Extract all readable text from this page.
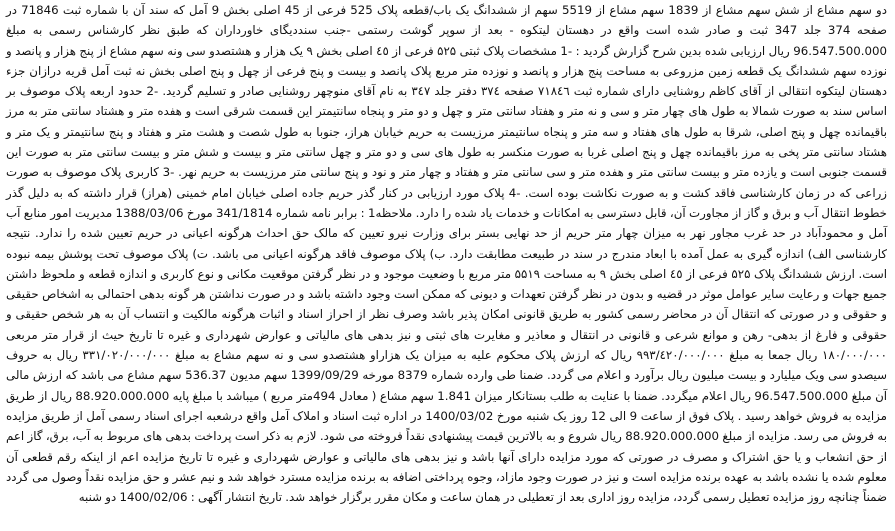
دو سهم مشاع از شش سهم مشاع از 1839 سهم مشاع از 5519 سهم از ششدانگ یک باب/قطعه پلاک 525 فرعی از 45 اصلی بخش 9 آمل که سند آن با شماره ثبت 71846 در صفحه 374 جلد 347 ثبت و صادر شده است واقع در دهستان لیتکوه - بعد از سوپر گوشت رستمی -جنب سنددیگای خاورداران که طبق نظر کارشناس رسمی به مبلغ 96.547.500.000 ریال ارزیابی شده بدین شرح گزارش گردید : -1 مشخصات پلاک ثبتی ۵۲۵ فرعی از ٤٥ اصلی بخش ۹ یک هزار و هشتصدو سی ونه سهم مشاع از پنج هزار و پانصد و نوزده سهم ششدانگ یک قطعه زمین مزروعی به مساحت پنج هزار و پانصد و نوزده متر مربع پلاک پانصد و بیست و پنج فرعی از چهل و پنج اصلی بخش نه ثبت آمل قریه درازان جزء دهستان لیتکوه انتقالی از آقای کاظم روشنایی دارای شماره ثبت ۷۱۸٤٦ صفحه ۳۷٤ دفتر جلد ۳٤۷ به نام آقای منوچهر روشنایی صادر و تسلیم گردید. -2 حدود اربعه پلاک موصوف بر اساس سند به صورت شمالا به طول های چهار متر و سی و نه متر و هفتاد سانتی متر و چهل و دو متر و پنجاه سانتیمتر این قسمت شرقی است و هفده متر و هشتاد سانتی متر به مرز باقیمانده چهل و پنج اصلی، شرقا به طول های هفتاد و سه متر و پنجاه سانتیمتر مرزیست به حریم خیابان هراز، جنوبا به طول شصت و هشت متر و هفتاد و پنج سانتیمتر و یک متر و هشتاد سانتی متر پخی به مرز باقیمانده چهل و پنج اصلی غربا به صورت منکسر به طول های سی و دو متر و چهل سانتی متر و بیست و شش متر و بیست سانتی متر به صورت این قسمت جنوبی است و یازده متر و بیست سانتی متر و هفده متر و سی سانتی متر و هفتاد و چهار متر و نود و پنج سانتی متر مرزیست به حریم نهر. -3 کاربری پلاک موصوف به صورت زراعی که در زمان کارشناسی فاقد کشت و به صورت نکاشت بوده است. -4 پلاک مورد ارزیابی در کنار گذر حریم جاده اصلی خیابان امام خمینی (هراز) قرار داشته که به دلیل گذر خطوط انتقال آب و برق و گاز از مجاورت آن، قابل دسترسی به امکانات و خدمات یاد شده را دارد. ملاحظه1 : برابر نامه شماره 341/1814 مورخ 1388/03/06 مدیریت امور منابع آب آمل و محمودآباد در حد غرب مجاور نهر به میزان چهار متر حریم از حد نهایی بستر برای وزارت نیرو تعیین که مالک حق احداث هرگونه اعیانی در حریم تعیین شده را ندارد. نتیجه کارشناسی الف) اندازه گیری به عمل آمده با ابعاد مندرج در سند در طبیعت مطابقت دارد. ب) پلاک موصوف فاقد هرگونه اعیانی می باشد. ت) پلاک موصوف تحت پوشش بیمه نبوده است. ارزش ششدانگ پلاک ۵۲۵ فرعی از ٤٥ اصلی بخش ۹ به مساحت ۵۵۱۹ متر مربع با وضعیت موجود و در نظر گرفتن موقعیت مکانی و نوع کاربری و اندازه قطعه و ملحوظ داشتن جمیع جهات و رعایت سایر عوامل موثر در قضیه و بدون در نظر گرفتن تعهدات و دیونی که ممکن است وجود داشته باشد و در صورت نداشتن هر گونه بدهی احتمالی به اشخاص حقیقی و حقوقی و در صورتی که انتقال آن در محاضر رسمی کشور به طریق قانونی امکان پذیر باشد وصرف نظر از احراز اسناد و اثبات هرگونه مالکیت و انتساب آن به هر شخص حقیقی و حقوقی و فارغ از بدهی- رهن و موانع شرعی و قانونی در انتقال و معاذیر و مغایرت های ثبتی و نیز بدهی های مالیاتی و عوارض شهرداری و غیره تا تاریخ حیث از قرار متر مربعی ۱۸۰/۰۰۰/۰۰۰ ریال جمعا به مبلغ ۹۹۳/٤۲۰/۰۰۰/۰۰۰ ریال که ارزش پلاک محکوم علیه به میزان یک هزاراو هشتصدو سی و نه سهم مشاع به مبلغ ۳۳۱/۰۲۰/۰۰۰/۰۰۰ ریال به حروف سیصدو سی ویک میلیارد و بیست میلیون ریال برآورد و اعلام می گردد. ضمنا طی وارده شماره 8379 مورخه 1399/09/29 سهم مدیون 536.37 سهم مشاع می باشد که ارزش مالی آن مبلغ 96.547.500.000 ریال اعلام میگردد. ضمنا با عنایت به طلب بستانکار میزان 1.841 سهم مشاع ( معادل 494متر مربع ) میباشد با مبلغ پایه 88.920.000.000 ریال از طریق مزایده به فروش خواهد رسید . پلاک فوق از ساعت 9 الی 12 روز یک شنبه مورخ 1400/03/02 در اداره ثبت اسناد و املاک آمل واقع درشعبه اجرای اسناد رسمی آمل از طریق مزایده به فروش می رسد. مزایده از مبلغ 88.920.000.000 ریال شروع و به بالاترین قیمت پیشنهادی نقداً فروخته می شود. لازم به ذکر است پرداخت بدهی های مربوط به آب، برق، گاز اعم از حق انشعاب و یا حق اشتراک و مصرف در صورتی که مورد مزایده دارای آنها باشد و نیز بدهی های مالیاتی و عوارض شهرداری و غیره تا تاریخ مزایده اعم از اینکه رقم قطعی آن معلوم شده یا نشده باشد به عهده برنده مزایده است و نیز در صورت وجود مازاد، وجوه پرداختی اضافه به برنده مزایده مسترد خواهد شد و نیم عشر و حق مزایده نقداً وصول می گردد ضمناً چنانچه روز مزایده تعطیل رسمی گردد، مزایده روز اداری بعد از تعطیلی در همان ساعت و مکان مقرر برگزار خواهد شد. تاریخ انتشار آگهی : 1400/02/06 دو شنبه
